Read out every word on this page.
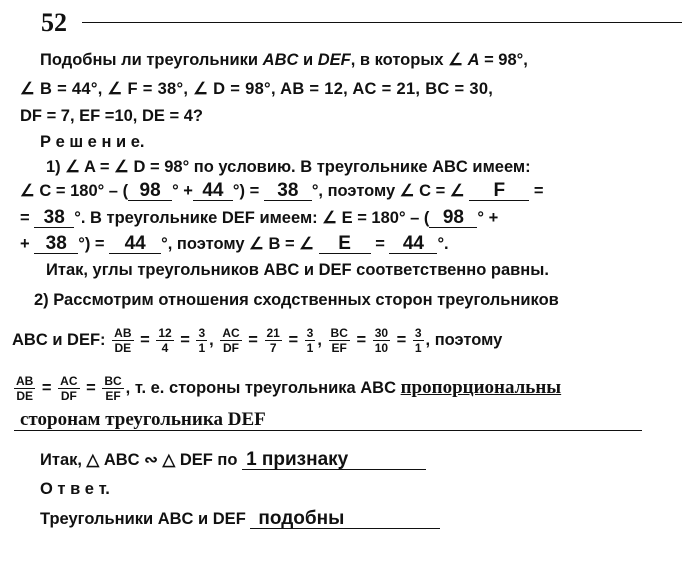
52
Подобны ли треугольники ABC и DEF, в которых ∠ A = 98°,
∠ B = 44°, ∠ F = 38°, ∠ D = 98°, AB = 12, AC = 21, BC = 30,
DF = 7, EF =10, DE = 4?
Р е ш е н и е.
1) ∠ A = ∠ D = 98° по условию. В треугольнике ABC имеем:
∠ C = 180° – ( 98 ° + 44 °) = 38 °, поэтому ∠ C = ∠ F =
= 38 °. В треугольнике DEF имеем: ∠ E = 180° – ( 98 ° +
+ 38 °) = 44 °, поэтому ∠ B = ∠ E = 44 °.
Итак, углы треугольников ABC и DEF соответственно равны.
2) Рассмотрим отношения сходственных сторон треугольников
ABC и DEF: $\frac{AB}{DE} = \frac{12}{4} = \frac{3}{1}$ , $\frac{AC}{DF} = \frac{21}{7} = \frac{3}{1}$ , $\frac{BC}{EF} = \frac{30}{10} = \frac{3}{1}$ , поэтому
$\frac{AB}{DE} = \frac{AC}{DF} = \frac{BC}{EF}$ , т. е. стороны треугольника ABC пропорциональны
сторонам треугольника DEF
Итак, △ ABC ∾ △ DEF по 1 признаку
О т в е т.
Треугольники ABC и DEF подобны
